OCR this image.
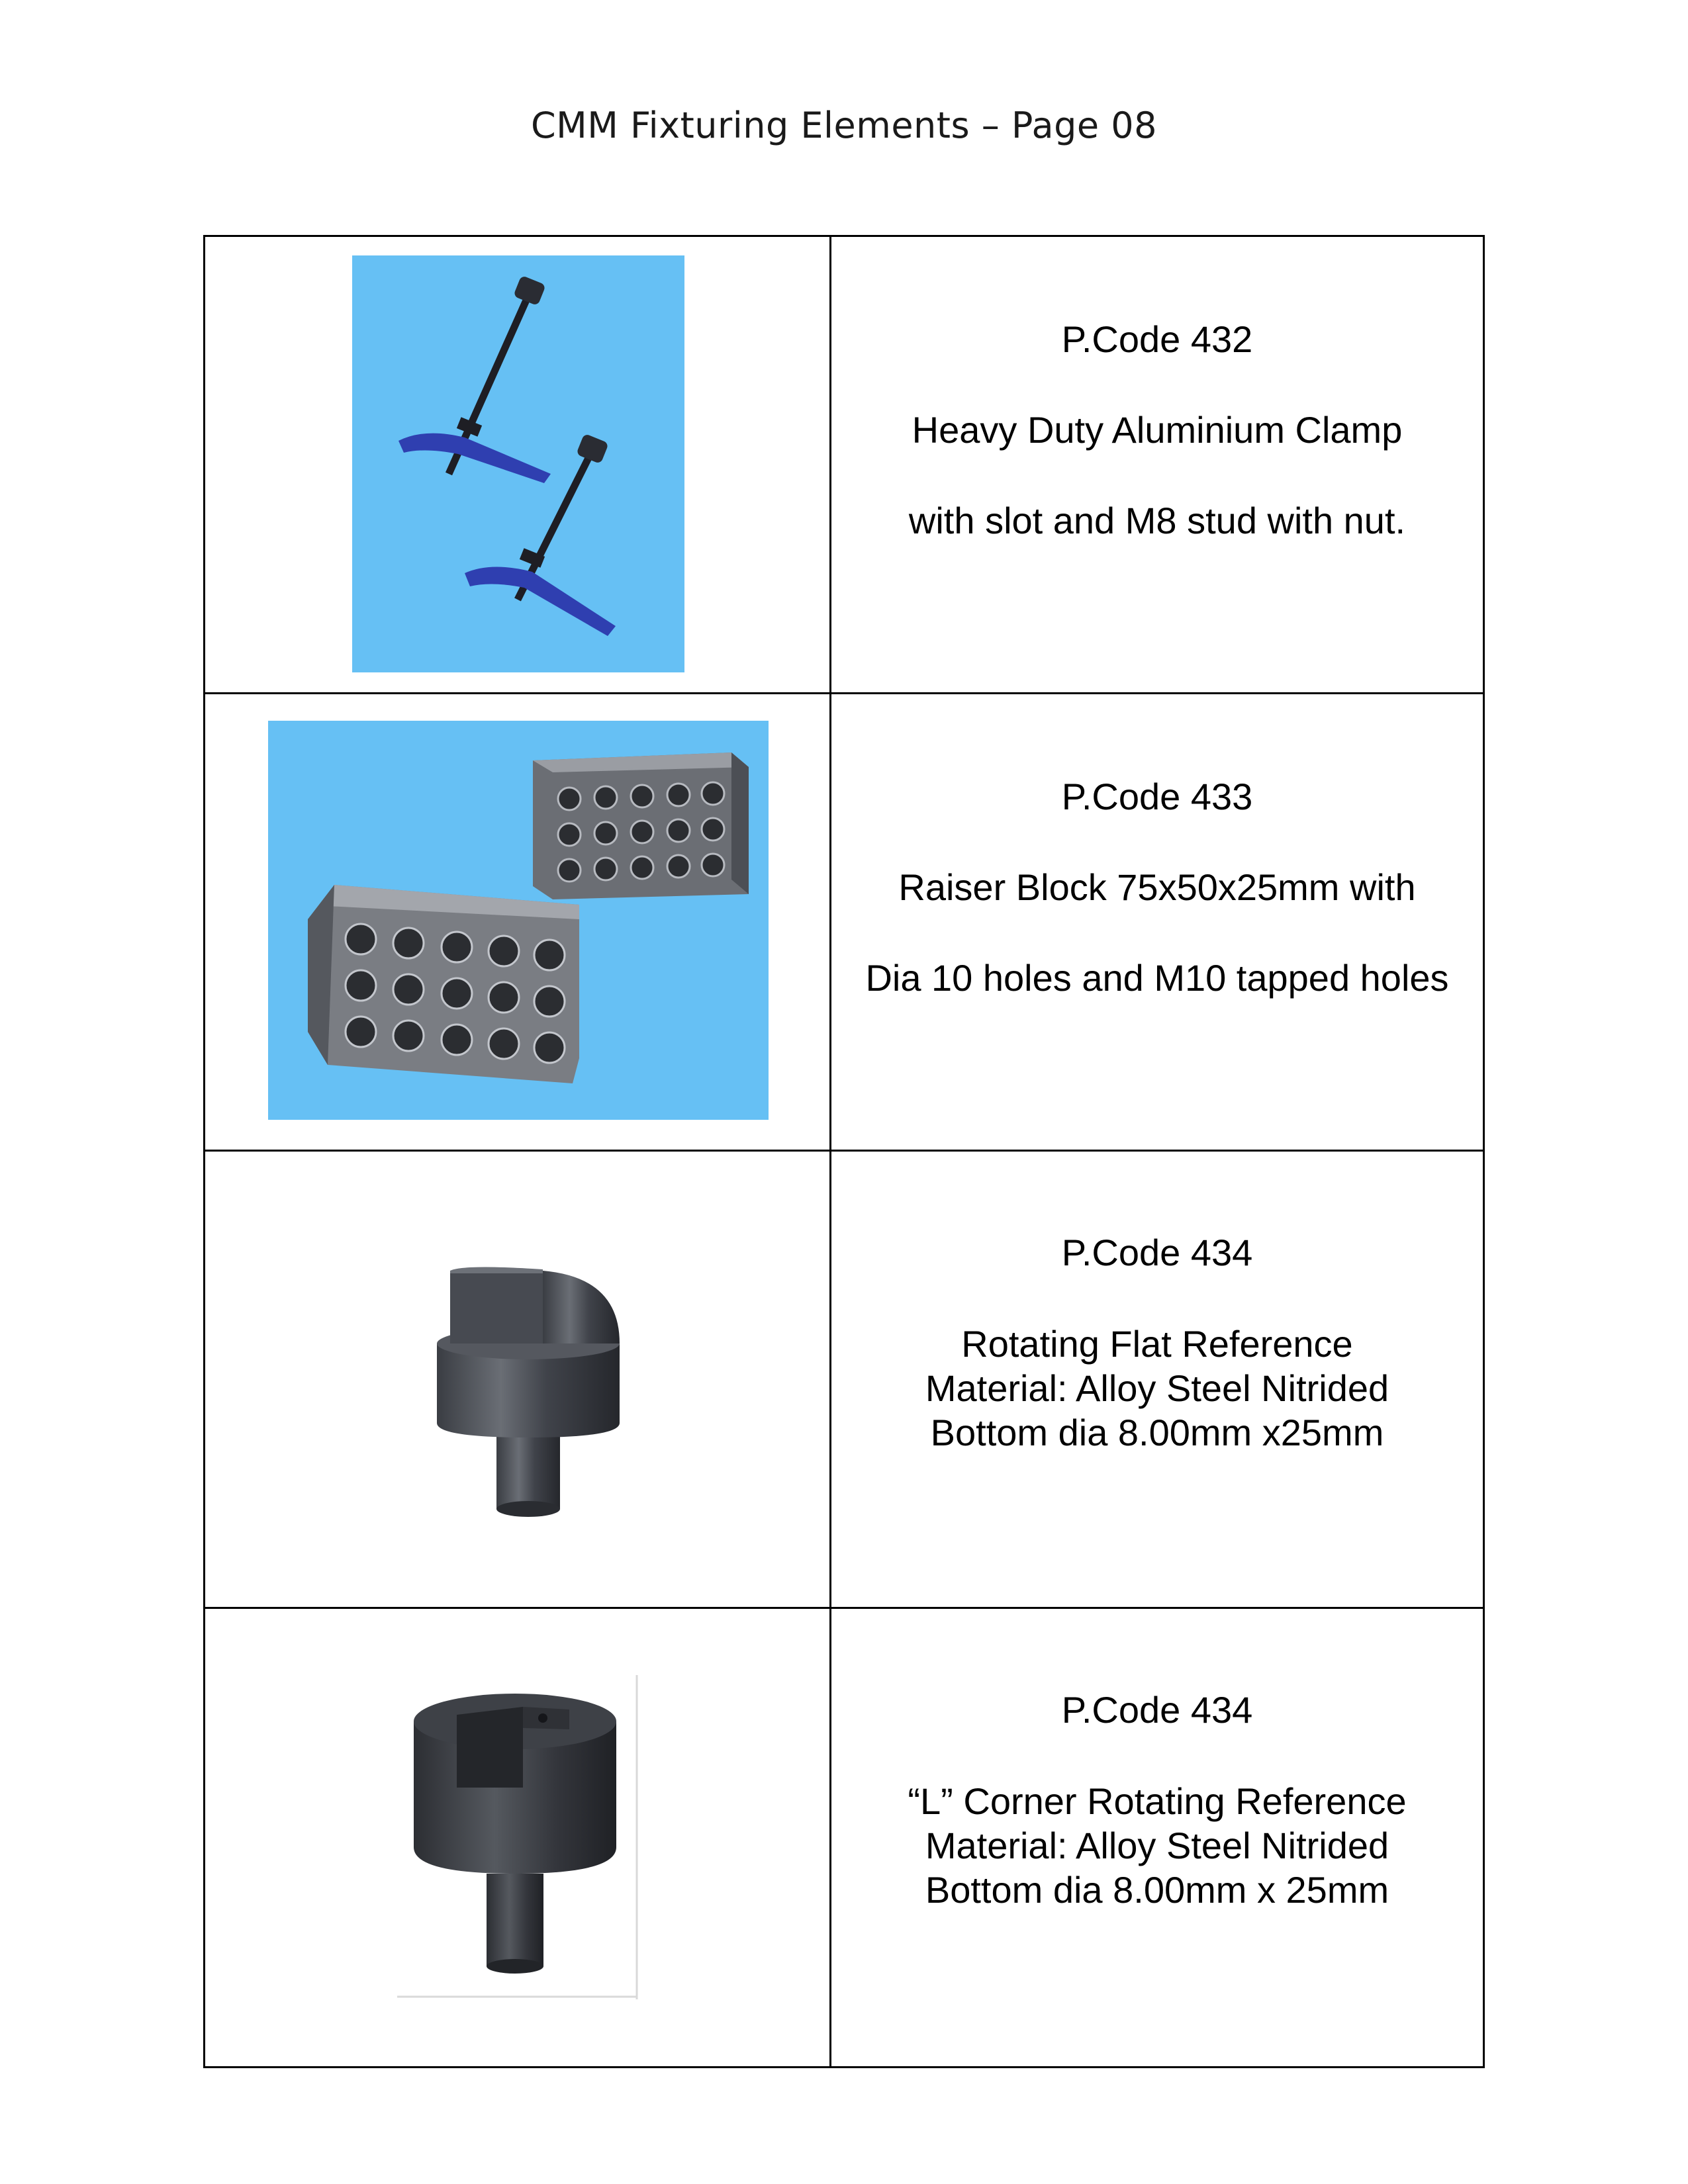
CMM Fixturing Elements – Page 08
P.Code 432
Heavy Duty Aluminium Clamp
with slot and M8 stud with nut.
P.Code 433
Raiser Block 75x50x25mm with
Dia 10 holes and M10 tapped holes
P.Code 434
Rotating Flat Reference
Material: Alloy Steel Nitrided
Bottom dia 8.00mm x25mm
P.Code 434
“L” Corner Rotating Reference
Material: Alloy Steel Nitrided
Bottom dia 8.00mm x 25mm
